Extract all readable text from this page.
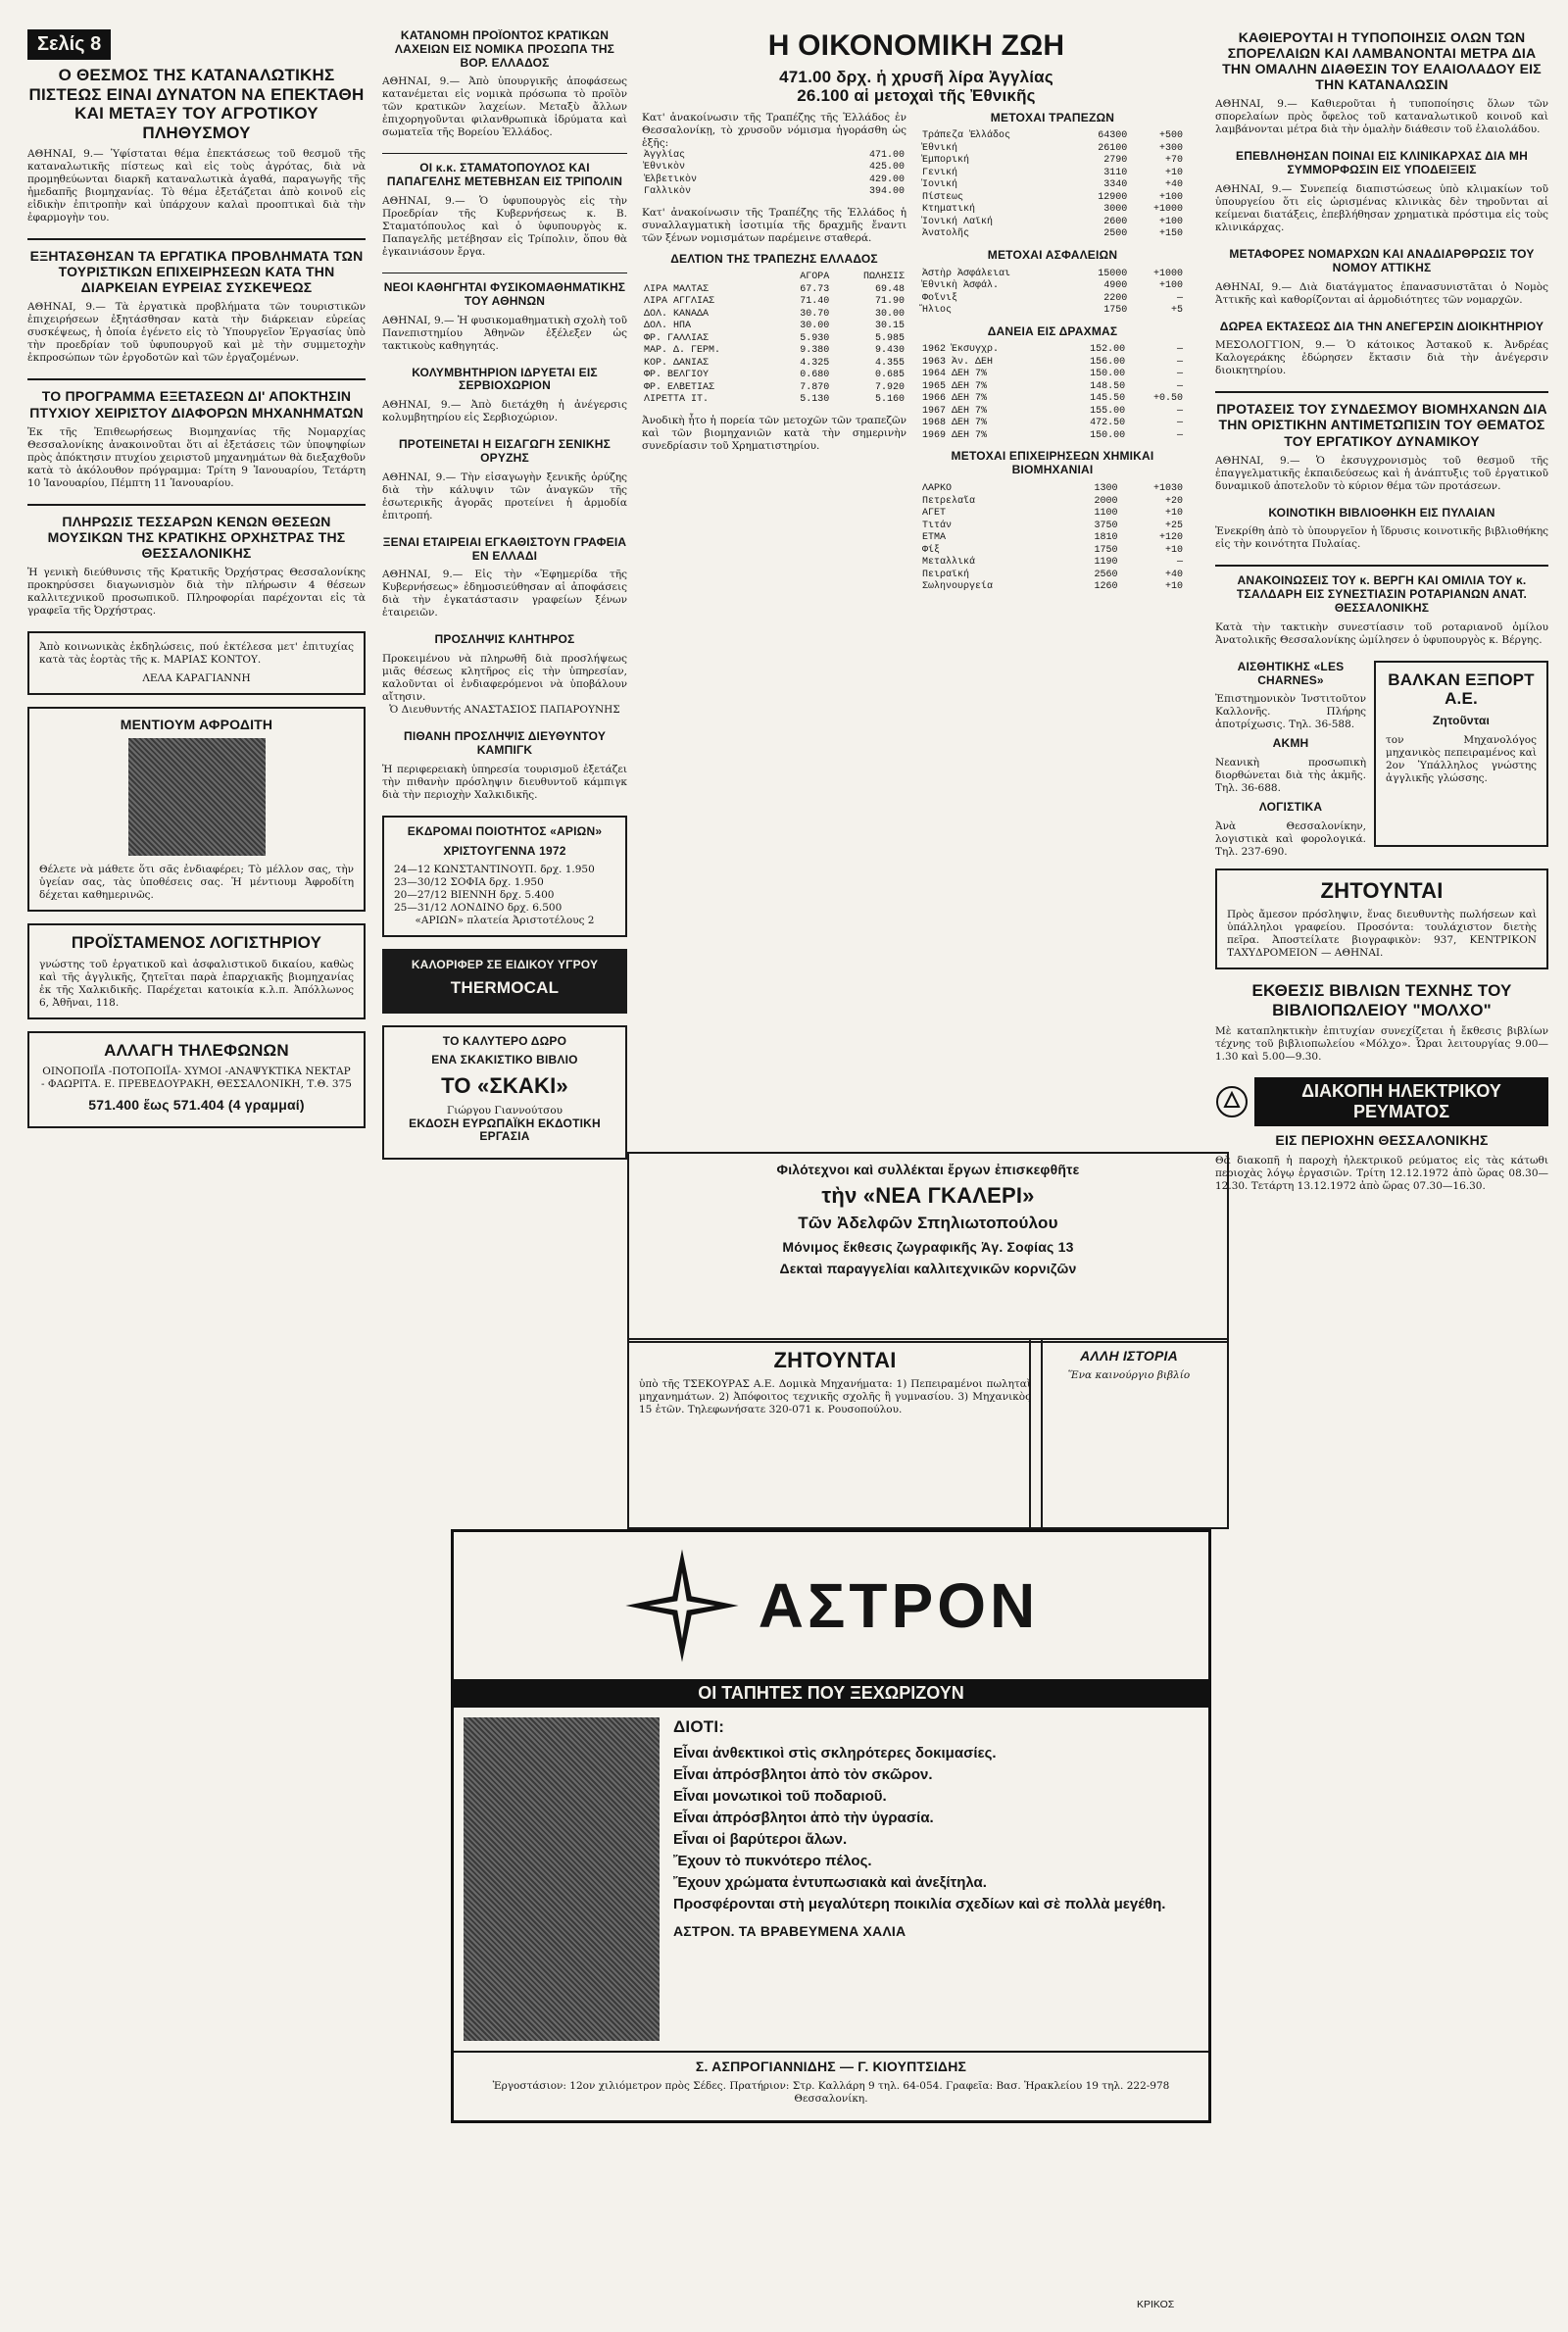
Σελίς 8
Ο ΘΕΣΜΟΣ ΤΗΣ ΚΑΤΑΝΑΛΩΤΙΚΗΣ ΠΙΣΤΕΩΣ ΕΙΝΑΙ ΔΥΝΑΤΟΝ ΝΑ ΕΠΕΚΤΑΘΗ ΚΑΙ ΜΕΤΑΞΥ ΤΟΥ ΑΓΡΟΤΙΚΟΥ ΠΛΗΘΥΣΜΟΥ

ΑΘΗΝΑΙ, 9.— Ὑφίσταται θέμα ἐπεκτάσεως τοῦ θεσμοῦ τῆς καταναλωτικῆς πίστεως καὶ εἰς τοὺς ἀγρότας, διὰ νὰ προμηθεύωνται διαρκῆ καταναλωτικὰ ἀγαθά, παραγωγῆς τῆς ἡμεδαπῆς βιομηχανίας. Τὸ θέμα ἐξετάζεται ἀπὸ κοινοῦ εἰς εἰδικὴν ἐπιτροπὴν καὶ ὑπάρχουν καλαὶ προοπτικαὶ διὰ τὴν ἐφαρμογὴν του.

ΕΞΗΤΑΣΘΗΣΑΝ ΤΑ ΕΡΓΑΤΙΚΑ ΠΡΟΒΛΗΜΑΤΑ ΤΩΝ ΤΟΥΡΙΣΤΙΚΩΝ ΕΠΙΧΕΙΡΗΣΕΩΝ ΚΑΤΑ ΤΗΝ ΔΙΑΡΚΕΙΑΝ ΕΥΡΕΙΑΣ ΣΥΣΚΕΨΕΩΣ

ΑΘΗΝΑΙ, 9.— Τὰ ἐργατικὰ προβλήματα τῶν τουριστικῶν ἐπιχειρήσεων ἐξητάσθησαν κατὰ τὴν διάρκειαν εὐρείας συσκέψεως, ἡ ὁποία ἐγένετο εἰς τὸ Ὑπουργεῖον Ἐργασίας ὑπὸ τὴν προεδρίαν τοῦ ὑφυπουργοῦ καὶ μὲ τὴν συμμετοχὴν ἐκπροσώπων τῶν ἐργοδοτῶν καὶ τῶν ἐργαζομένων.

ΤΟ ΠΡΟΓΡΑΜΜΑ ΕΞΕΤΑΣΕΩΝ ΔΙ' ΑΠΟΚΤΗΣΙΝ ΠΤΥΧΙΟΥ ΧΕΙΡΙΣΤΟΥ ΔΙΑΦΟΡΩΝ ΜΗΧΑΝΗΜΑΤΩΝ

Ἐκ τῆς Ἐπιθεωρήσεως Βιομηχανίας τῆς Νομαρχίας Θεσσαλονίκης ἀνακοινοῦται ὅτι αἱ ἐξετάσεις τῶν ὑποψηφίων πρὸς ἀπόκτησιν πτυχίου χειριστοῦ μηχανημάτων θὰ διεξαχθοῦν κατὰ τὸ ἀκόλουθον πρόγραμμα: Τρίτη 9 Ἰανουαρίου, Τετάρτη 10 Ἰανουαρίου, Πέμπτη 11 Ἰανουαρίου.

ΠΛΗΡΩΣΙΣ ΤΕΣΣΑΡΩΝ ΚΕΝΩΝ ΘΕΣΕΩΝ ΜΟΥΣΙΚΩΝ ΤΗΣ ΚΡΑΤΙΚΗΣ ΟΡΧΗΣΤΡΑΣ ΤΗΣ ΘΕΣΣΑΛΟΝΙΚΗΣ

Ἡ γενικὴ διεύθυνσις τῆς Κρατικῆς Ὀρχήστρας Θεσσαλονίκης προκηρύσσει διαγωνισμὸν διὰ τὴν πλήρωσιν 4 θέσεων καλλιτεχνικοῦ προσωπικοῦ. Πληροφορίαι παρέχονται εἰς τὰ γραφεῖα τῆς Ὀρχήστρας.

Ἀπὸ κοινωνικὰς ἐκδηλώσεις, πού ἐκτέλεσα μετ' ἐπιτυχίας κατὰ τὰς ἑορτὰς τῆς κ. ΜΑΡΙΑΣ ΚΟΝΤΟΥ.

ΛΕΛΑ ΚΑΡΑΓΙΑΝΝΗ

ΜΕΝΤΙΟΥΜ ΑΦΡΟΔΙΤΗ

Θέλετε νὰ μάθετε ὅτι σᾶς ἐνδιαφέρει; Τὸ μέλλον σας, τὴν ὑγείαν σας, τὰς ὑποθέσεις σας. Ἡ μέντιουμ Ἀφροδίτη δέχεται καθημερινῶς.

ΠΡΟΪΣΤΑΜΕΝΟΣ ΛΟΓΙΣΤΗΡΙΟΥ

γνώστης τοῦ ἐργατικοῦ καὶ ἀσφαλιστικοῦ δικαίου, καθὼς καὶ τῆς ἀγγλικῆς, ζητεῖται παρὰ ἐπαρχιακῆς βιομηχανίας ἐκ τῆς Χαλκιδικῆς. Παρέχεται κατοικία κ.λ.π. Ἀπόλλωνος 6, Ἀθῆναι, 118.

ΑΛΛΑΓΗ ΤΗΛΕΦΩΝΩΝ

ΟΙΝΟΠΟΙΪΑ -ΠΟΤΟΠΟΙΪΑ- ΧΥΜΟΙ -ΑΝΑΨΥΚΤΙΚΑ ΝΕΚΤΑΡ - ΦΑΩΡΙΤΑ. Ε. ΠΡΕΒΕΔΟΥΡΑΚΗ, ΘΕΣΣΑΛΟΝΙΚΗ, Τ.Θ. 375

571.400 ἕως 571.404 (4 γραμμαί)

ΚΑΤΑΝΟΜΗ ΠΡΟΪΟΝΤΟΣ ΚΡΑΤΙΚΩΝ ΛΑΧΕΙΩΝ ΕΙΣ ΝΟΜΙΚΑ ΠΡΟΣΩΠΑ ΤΗΣ ΒΟΡ. ΕΛΛΑΔΟΣ

ΑΘΗΝΑΙ, 9.— Ἀπὸ ὑπουργικῆς ἀποφάσεως κατανέμεται εἰς νομικὰ πρόσωπα τὸ προϊὸν τῶν κρατικῶν λαχείων. Μεταξὺ ἄλλων ἐπιχορηγοῦνται φιλανθρωπικὰ ἱδρύματα καὶ σωματεῖα τῆς Βορείου Ἑλλάδος.

ΟΙ κ.κ. ΣΤΑΜΑΤΟΠΟΥΛΟΣ ΚΑΙ ΠΑΠΑΓΕΛΗΣ ΜΕΤΕΒΗΣΑΝ ΕΙΣ ΤΡΙΠΟΛΙΝ

ΑΘΗΝΑΙ, 9.— Ὁ ὑφυπουργὸς εἰς τὴν Προεδρίαν τῆς Κυβερνήσεως κ. Β. Σταματόπουλος καὶ ὁ ὑφυπουργὸς κ. Παπαγελῆς μετέβησαν εἰς Τρίπολιν, ὅπου θὰ ἐγκαινιάσουν ἔργα.

ΝΕΟΙ ΚΑΘΗΓΗΤΑΙ ΦΥΣΙΚΟΜΑΘΗΜΑΤΙΚΗΣ ΤΟΥ ΑΘΗΝΩΝ

ΑΘΗΝΑΙ, 9.— Ἡ φυσικομαθηματικὴ σχολὴ τοῦ Πανεπιστημίου Ἀθηνῶν ἐξέλεξεν ὡς τακτικοὺς καθηγητάς.

ΚΟΛΥΜΒΗΤΗΡΙΟΝ ΙΔΡΥΕΤΑΙ ΕΙΣ ΣΕΡΒΙΟΧΩΡΙΟΝ

ΑΘΗΝΑΙ, 9.— Ἀπὸ διετάχθη ἡ ἀνέγερσις κολυμβητηρίου εἰς Σερβιοχώριον.

ΠΡΟΤΕΙΝΕΤΑΙ Η ΕΙΣΑΓΩΓΗ ΣΕΝΙΚΗΣ ΟΡΥΖΗΣ

ΑΘΗΝΑΙ, 9.— Τὴν εἰσαγωγὴν ξενικῆς ὀρύζης διὰ τὴν κάλυψιν τῶν ἀναγκῶν τῆς ἐσωτερικῆς ἀγορᾶς προτείνει ἡ ἁρμοδία ἐπιτροπή.

ΞΕΝΑΙ ΕΤΑΙΡΕΙΑΙ ΕΓΚΑΘΙΣΤΟΥΝ ΓΡΑΦΕΙΑ ΕΝ ΕΛΛΑΔΙ

ΑΘΗΝΑΙ, 9.— Εἰς τὴν «Ἐφημερίδα τῆς Κυβερνήσεως» ἐδημοσιεύθησαν αἱ ἀποφάσεις διὰ τὴν ἐγκατάστασιν γραφείων ξένων ἐταιρειῶν.

ΠΡΟΣΛΗΨΙΣ ΚΛΗΤΗΡΟΣ

Προκειμένου νὰ πληρωθῆ διὰ προσλήψεως μιᾶς θέσεως κλητῆρος εἰς τὴν ὑπηρεσίαν, καλοῦνται οἱ ἐνδιαφερόμενοι νὰ ὑποβάλουν αἴτησιν.

Ὁ Διευθυντής ΑΝΑΣΤΑΣΙΟΣ ΠΑΠΑΡΟΥΝΗΣ

ΠΙΘΑΝΗ ΠΡΟΣΛΗΨΙΣ ΔΙΕΥΘΥΝΤΟΥ ΚΑΜΠΙΓΚ

Ἡ περιφερειακὴ ὑπηρεσία τουρισμοῦ ἐξετάζει τὴν πιθανὴν πρόσληψιν διευθυντοῦ κάμπιγκ διὰ τὴν περιοχὴν Χαλκιδικῆς.

ΕΚΔΡΟΜΑΙ ΠΟΙΟΤΗΤΟΣ «ΑΡΙΩΝ»

ΧΡΙΣΤΟΥΓΕΝΝΑ 1972

24—12 ΚΩΝΣΤΑΝΤΙΝΟΥΠ. δρχ. 1.950
23—30/12 ΣΟΦΙΑ δρχ. 1.950
20—27/12 ΒΙΕΝΝΗ δρχ. 5.400
25—31/12 ΛΟΝΔΙΝΟ δρχ. 6.500

«ΑΡΙΩΝ» πλατεία Ἀριστοτέλους 2

ΚΑΛΟΡΙΦΕΡ ΣΕ ΕΙΔΙΚΟΥ ΥΓΡΟΥ

THERMOCAL

ΤΟ ΚΑΛΥΤΕΡΟ ΔΩΡΟ

ΕΝΑ ΣΚΑΚΙΣΤΙΚΟ ΒΙΒΛΙΟ

ΤΟ «ΣΚΑΚΙ»

Γιώργου Γιαννούτσου

ΕΚΔΟΣΗ ΕΥΡΩΠΑΪΚΗ ΕΚΔΟΤΙΚΗ ΕΡΓΑΣΙΑ

Η ΟΙΚΟΝΟΜΙΚΗ ΖΩΗ

471.00 δρχ. ἡ χρυσῆ λίρα Ἀγγλίας

26.100 αἱ μετοχαὶ τῆς Ἐθνικῆς

Κατ' ἀνακοίνωσιν τῆς Τραπέζης τῆς Ἑλλάδος ἐν Θεσσαλονίκῃ, τὸ χρυσοῦν νόμισμα ἠγοράσθη ὡς ἑξῆς:

Ἀγγλίας	471.00
Ἐθνικὸν	425.00
Ἑλβετικὸν	429.00
Γαλλικὸν	394.00

Κατ' ἀνακοίνωσιν τῆς Τραπέζης τῆς Ἑλλάδος ἡ συναλλαγματικὴ ἰσοτιμία τῆς δραχμῆς ἔναντι τῶν ξένων νομισμάτων παρέμεινε σταθερά.

ΔΕΛΤΙΟΝ ΤΗΣ ΤΡΑΠΕΖΗΣ ΕΛΛΑΔΟΣ

	ΑΓΟΡΑ	ΠΩΛΗΣΙΣ
ΛΙΡΑ ΜΑΛΤΑΣ	67.73	69.48
ΛΙΡΑ ΑΓΓΛΙΑΣ	71.40	71.90
ΔΟΛ. ΚΑΝΑΔΑ	30.70	30.00
ΔΟΛ. ΗΠΑ	30.00	30.15
ΦΡ. ΓΑΛΛΙΑΣ	5.930	5.985
ΜΑΡ. Δ. ΓΕΡΜ.	9.380	9.430
ΚΟΡ. ΔΑΝΙΑΣ	4.325	4.355
ΦΡ. ΒΕΛΓΙΟΥ	0.680	0.685
ΦΡ. ΕΛΒΕΤΙΑΣ	7.870	7.920
ΛΙΡΕΤΤΑ ΙΤ.	5.130	5.160

Ἀνοδικὴ ἦτο ἡ πορεία τῶν μετοχῶν τῶν τραπεζῶν καὶ τῶν βιομηχανιῶν κατὰ τὴν σημερινὴν συνεδρίασιν τοῦ Χρηματιστηρίου.

ΜΕΤΟΧΑΙ ΤΡΑΠΕΖΩΝ

Τράπεζα Ἑλλάδος	64300	+500
Ἐθνική	26100	+300
Ἐμπορική	2790	+70
Γενική	3110	+10
Ἰονική	3340	+40
Πίστεως	12900	+100
Κτηματική	3000	+1000
Ἰονική Λαϊκή	2600	+100
Ἀνατολῆς	2500	+150

ΜΕΤΟΧΑΙ ΑΣΦΑΛΕΙΩΝ

Ἀστὴρ Ἀσφάλειαι	15000	+1000
Ἐθνικὴ Ἀσφάλ.	4900	+100
Φοῖνιξ	2200	—
Ἥλιος	1750	+5

ΔΑΝΕΙΑ ΕΙΣ ΔΡΑΧΜΑΣ

1962 Ἐκσυγχρ.	152.00	—
1963 Ἀν. ΔΕΗ	156.00	—
1964 ΔΕΗ 7%	150.00	—
1965 ΔΕΗ 7%	148.50	—
1966 ΔΕΗ 7%	145.50	+0.50
1967 ΔΕΗ 7%	155.00	—
1968 ΔΕΗ 7%	472.50	—
1969 ΔΕΗ 7%	150.00	—

ΜΕΤΟΧΑΙ ΕΠΙΧΕΙΡΗΣΕΩΝ ΧΗΜΙΚΑΙ ΒΙΟΜΗΧΑΝΙΑΙ

ΛΑΡΚΟ	1300	+1030
Πετρελαῖα	2000	+20
ΑΓΕΤ	1100	+10
Τιτάν	3750	+25
ΕΤΜΑ	1810	+120
Φίξ	1750	+10
Μεταλλικά	1190	—
Πειραϊκή	2560	+40
Σωληνουργεία	1260	+10

Φιλότεχνοι καὶ συλλέκται ἔργων ἐπισκεφθῆτε

τὴν «ΝΕΑ ΓΚΑΛΕΡΙ»

Τῶν Ἀδελφῶν Σπηλιωτοπούλου

Μόνιμος ἔκθεσις ζωγραφικῆς Ἁγ. Σοφίας 13

Δεκταὶ παραγγελίαι καλλιτεχνικῶν κορνιζῶν

ΖΗΤΟΥΝΤΑΙ

ὑπὸ τῆς ΤΣΕΚΟΥΡΑΣ Α.Ε. Δομικὰ Μηχανήματα: 1) Πεπειραμένοι πωληταὶ μηχανημάτων. 2) Ἀπόφοιτος τεχνικῆς σχολῆς ἢ γυμνασίου. 3) Μηχανικὸς 15 ἐτῶν. Τηλεφωνήσατε 320-071 κ. Ρουσοπούλου.

ΑΛΛΗ ΙΣΤΟΡΙΑ

Ἕνα καινούργιο βιβλίο

ΑΣΤΡΟΝ
ΟΙ ΤΑΠΗΤΕΣ ΠΟΥ ΞΕΧΩΡΙΖΟΥΝ

ΔΙΟΤΙ:

Εἶναι ἀνθεκτικοὶ στὶς σκληρότερες δοκιμασίες.
Εἶναι ἀπρόσβλητοι ἀπὸ τὸν σκῶρον.
Εἶναι μονωτικοὶ τοῦ ποδαριοῦ.
Εἶναι ἀπρόσβλητοι ἀπὸ τὴν ὑγρασία.
Εἶναι οἱ βαρύτεροι ἄλων.
Ἔχουν τὸ πυκνότερο πέλος.
Ἔχουν χρώματα ἐντυπωσιακὰ καὶ ἀνεξίτηλα.
Προσφέρονται στὴ μεγαλύτερη ποικιλία σχεδίων καὶ σὲ πολλὰ μεγέθη.

ΑΣΤΡΟΝ. ΤΑ ΒΡΑΒΕΥΜΕΝΑ ΧΑΛΙΑ

Σ. ΑΣΠΡΟΓΙΑΝΝΙΔΗΣ — Γ. ΚΙΟΥΠΤΣΙΔΗΣ

Ἐργοστάσιον: 12ον χιλιόμετρον πρὸς Σέδες. Πρατήριον: Στρ. Καλλάρη 9 τηλ. 64-054. Γραφεῖα: Βασ. Ἡρακλείου 19 τηλ. 222-978 Θεσσαλονίκη.

ΚΑΘΙΕΡΟΥΤΑΙ Η ΤΥΠΟΠΟΙΗΣΙΣ ΟΛΩΝ ΤΩΝ ΣΠΟΡΕΛΑΙΩΝ ΚΑΙ ΛΑΜΒΑΝΟΝΤΑΙ ΜΕΤΡΑ ΔΙΑ ΤΗΝ ΟΜΑΛΗΝ ΔΙΑΘΕΣΙΝ ΤΟΥ ΕΛΑΙΟΛΑΔΟΥ ΕΙΣ ΤΗΝ ΚΑΤΑΝΑΛΩΣΙΝ

ΑΘΗΝΑΙ, 9.— Καθιεροῦται ἡ τυποποίησις ὅλων τῶν σπορελαίων πρὸς ὄφελος τοῦ καταναλωτικοῦ κοινοῦ καὶ λαμβάνονται μέτρα διὰ τὴν ὁμαλὴν διάθεσιν τοῦ ἐλαιολάδου.

ΕΠΕΒΛΗΘΗΣΑΝ ΠΟΙΝΑΙ ΕΙΣ ΚΛΙΝΙΚΑΡΧΑΣ ΔΙΑ ΜΗ ΣΥΜΜΟΡΦΩΣΙΝ ΕΙΣ ΥΠΟΔΕΙΞΕΙΣ

ΑΘΗΝΑΙ, 9.— Συνεπείᾳ διαπιστώσεως ὑπὸ κλιμακίων τοῦ ὑπουργείου ὅτι εἰς ὡρισμένας κλινικὰς δὲν τηροῦνται αἱ κείμεναι διατάξεις, ἐπεβλήθησαν χρηματικὰ πρόστιμα εἰς τοὺς κλινικάρχας.

ΜΕΤΑΦΟΡΕΣ ΝΟΜΑΡΧΩΝ ΚΑΙ ΑΝΑΔΙΑΡΘΡΩΣΙΣ ΤΟΥ ΝΟΜΟΥ ΑΤΤΙΚΗΣ

ΑΘΗΝΑΙ, 9.— Διὰ διατάγματος ἐπανασυνιστᾶται ὁ Νομὸς Ἀττικῆς καὶ καθορίζονται αἱ ἁρμοδιότητες τῶν νομαρχῶν.

ΔΩΡΕΑ ΕΚΤΑΣΕΩΣ ΔΙΑ ΤΗΝ ΑΝΕΓΕΡΣΙΝ ΔΙΟΙΚΗΤΗΡΙΟΥ

ΜΕΣΟΛΟΓΓΙΟΝ, 9.— Ὁ κάτοικος Ἀστακοῦ κ. Ἀνδρέας Καλογεράκης ἐδώρησεν ἔκτασιν διὰ τὴν ἀνέγερσιν διοικητηρίου.

ΠΡΟΤΑΣΕΙΣ ΤΟΥ ΣΥΝΔΕΣΜΟΥ ΒΙΟΜΗΧΑΝΩΝ ΔΙΑ ΤΗΝ ΟΡΙΣΤΙΚΗΝ ΑΝΤΙΜΕΤΩΠΙΣΙΝ ΤΟΥ ΘΕΜΑΤΟΣ ΤΟΥ ΕΡΓΑΤΙΚΟΥ ΔΥΝΑΜΙΚΟΥ

ΑΘΗΝΑΙ, 9.— Ὁ ἐκσυγχρονισμὸς τοῦ θεσμοῦ τῆς ἐπαγγελματικῆς ἐκπαιδεύσεως καὶ ἡ ἀνάπτυξις τοῦ ἐργατικοῦ δυναμικοῦ ἀποτελοῦν τὸ κύριον θέμα τῶν προτάσεων.

ΚΟΙΝΟΤΙΚΗ ΒΙΒΛΙΟΘΗΚΗ ΕΙΣ ΠΥΛΑΙΑΝ

Ἐνεκρίθη ἀπὸ τὸ ὑπουργεῖον ἡ ἵδρυσις κοινοτικῆς βιβλιοθήκης εἰς τὴν κοινότητα Πυλαίας.

ΑΝΑΚΟΙΝΩΣΕΙΣ ΤΟΥ κ. ΒΕΡΓΗ ΚΑΙ ΟΜΙΛΙΑ ΤΟΥ κ. ΤΣΑΛΔΑΡΗ ΕΙΣ ΣΥΝΕΣΤΙΑΣΙΝ ΡΟΤΑΡΙΑΝΩΝ ΑΝΑΤ. ΘΕΣΣΑΛΟΝΙΚΗΣ

Κατὰ τὴν τακτικὴν συνεστίασιν τοῦ ροταριανοῦ ὁμίλου Ἀνατολικῆς Θεσσαλονίκης ὡμίλησεν ὁ ὑφυπουργὸς κ. Βέργης.

ΑΙΣΘΗΤΙΚΗΣ «LES CHARNES»

Ἐπιστημονικὸν Ἰνστιτοῦτον Καλλονῆς. Πλήρης ἀποτρίχωσις. Τηλ. 36-588.

ΑΚΜΗ

Νεανικὴ προσωπικὴ διορθώνεται διὰ τὴς ἀκμῆς. Τηλ. 36-688.

ΛΟΓΙΣΤΙΚΑ

Ἀνὰ Θεσσαλονίκην, λογιστικὰ καὶ φορολογικά. Τηλ. 237-690.

ΒΑΛΚΑΝ ΕΞΠΟΡΤ Α.Ε.

Ζητοῦνται

τον Μηχανολόγος μηχανικὸς πεπειραμένος καὶ 2ον Ὑπάλληλος γνώστης ἀγγλικῆς γλώσσης.

ΖΗΤΟΥΝΤΑΙ

Πρὸς ἄμεσον πρόσληψιν, ἕνας διευθυντὴς πωλήσεων καὶ ὑπάλληλοι γραφείου. Προσόντα: τουλάχιστον διετὴς πεῖρα. Ἀποστείλατε βιογραφικὸν: 937, ΚΕΝΤΡΙΚΟΝ ΤΑΧΥΔΡΟΜΕΙΟΝ — ΑΘΗΝΑΙ.

ΕΚΘΕΣΙΣ ΒΙΒΛΙΩΝ ΤΕΧΝΗΣ ΤΟΥ ΒΙΒΛΙΟΠΩΛΕΙΟΥ "ΜΟΛΧΟ"

Μὲ καταπληκτικὴν ἐπιτυχίαν συνεχίζεται ἡ ἔκθεσις βιβλίων τέχνης τοῦ βιβλιοπωλείου «Μόλχο». Ὧραι λειτουργίας 9.00—1.30 καὶ 5.00—9.30.

ΔΙΑΚΟΠΗ ΗΛΕΚΤΡΙΚΟΥ ΡΕΥΜΑΤΟΣ
ΕΙΣ ΠΕΡΙΟΧΗΝ ΘΕΣΣΑΛΟΝΙΚΗΣ

Θὰ διακοπῆ ἡ παροχὴ ἠλεκτρικοῦ ρεύματος εἰς τὰς κάτωθι περιοχὰς λόγῳ ἐργασιῶν. Τρίτη 12.12.1972 ἀπὸ ὥρας 08.30—12.30. Τετάρτη 13.12.1972 ἀπὸ ὥρας 07.30—16.30.

ΚΡΙΚΟΣ
